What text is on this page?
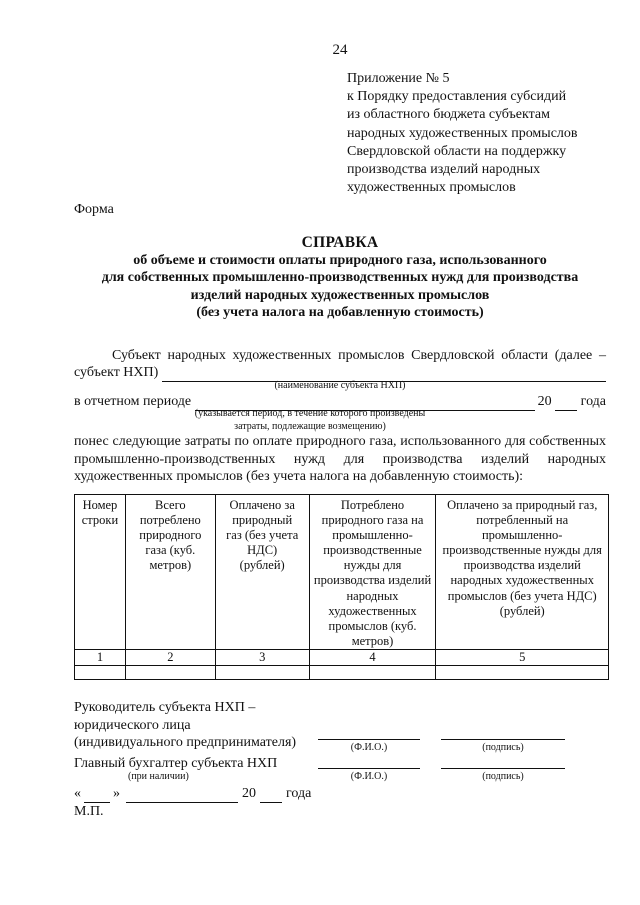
24
Приложение № 5
к Порядку предоставления субсидий
из областного бюджета субъектам
народных художественных промыслов
Свердловской области на поддержку
производства изделий народных
художественных промыслов
Форма
СПРАВКА
об объеме и стоимости оплаты природного газа, использованного
для собственных промышленно-производственных нужд для производства
изделий народных художественных промыслов
(без учета налога на добавленную стоимость)
Субъект народных художественных промыслов Свердловской области (далее –
субъект НХП)
(наименование субъекта НХП)
в отчетном периоде	20 года
(указывается период, в течение которого произведены
затраты, подлежащие возмещению)
понес следующие затраты по оплате природного газа, использованного для собственных
промышленно-производственных нужд для производства изделий народных
художественных промыслов (без учета налога на добавленную стоимость):
Номер строки	Всего потреблено природного газа (куб. метров)	Оплачено за природный газ (без учета НДС) (рублей)	Потреблено природного газа на промышленно-производственные нужды для производства изделий народных художественных промыслов (куб. метров)	Оплачено за природный газ, потребленный на промышленно-производственные нужды для производства изделий народных художественных промыслов (без учета НДС) (рублей)
1	2	3	4	5

Руководитель субъекта НХП –
юридического лица
(индивидуального предпринимателя)	(Ф.И.О.)	(подпись)
Главный бухгалтер субъекта НХП
(при наличии)	(Ф.И.О.)	(подпись)
« »	20 года
М.П.
